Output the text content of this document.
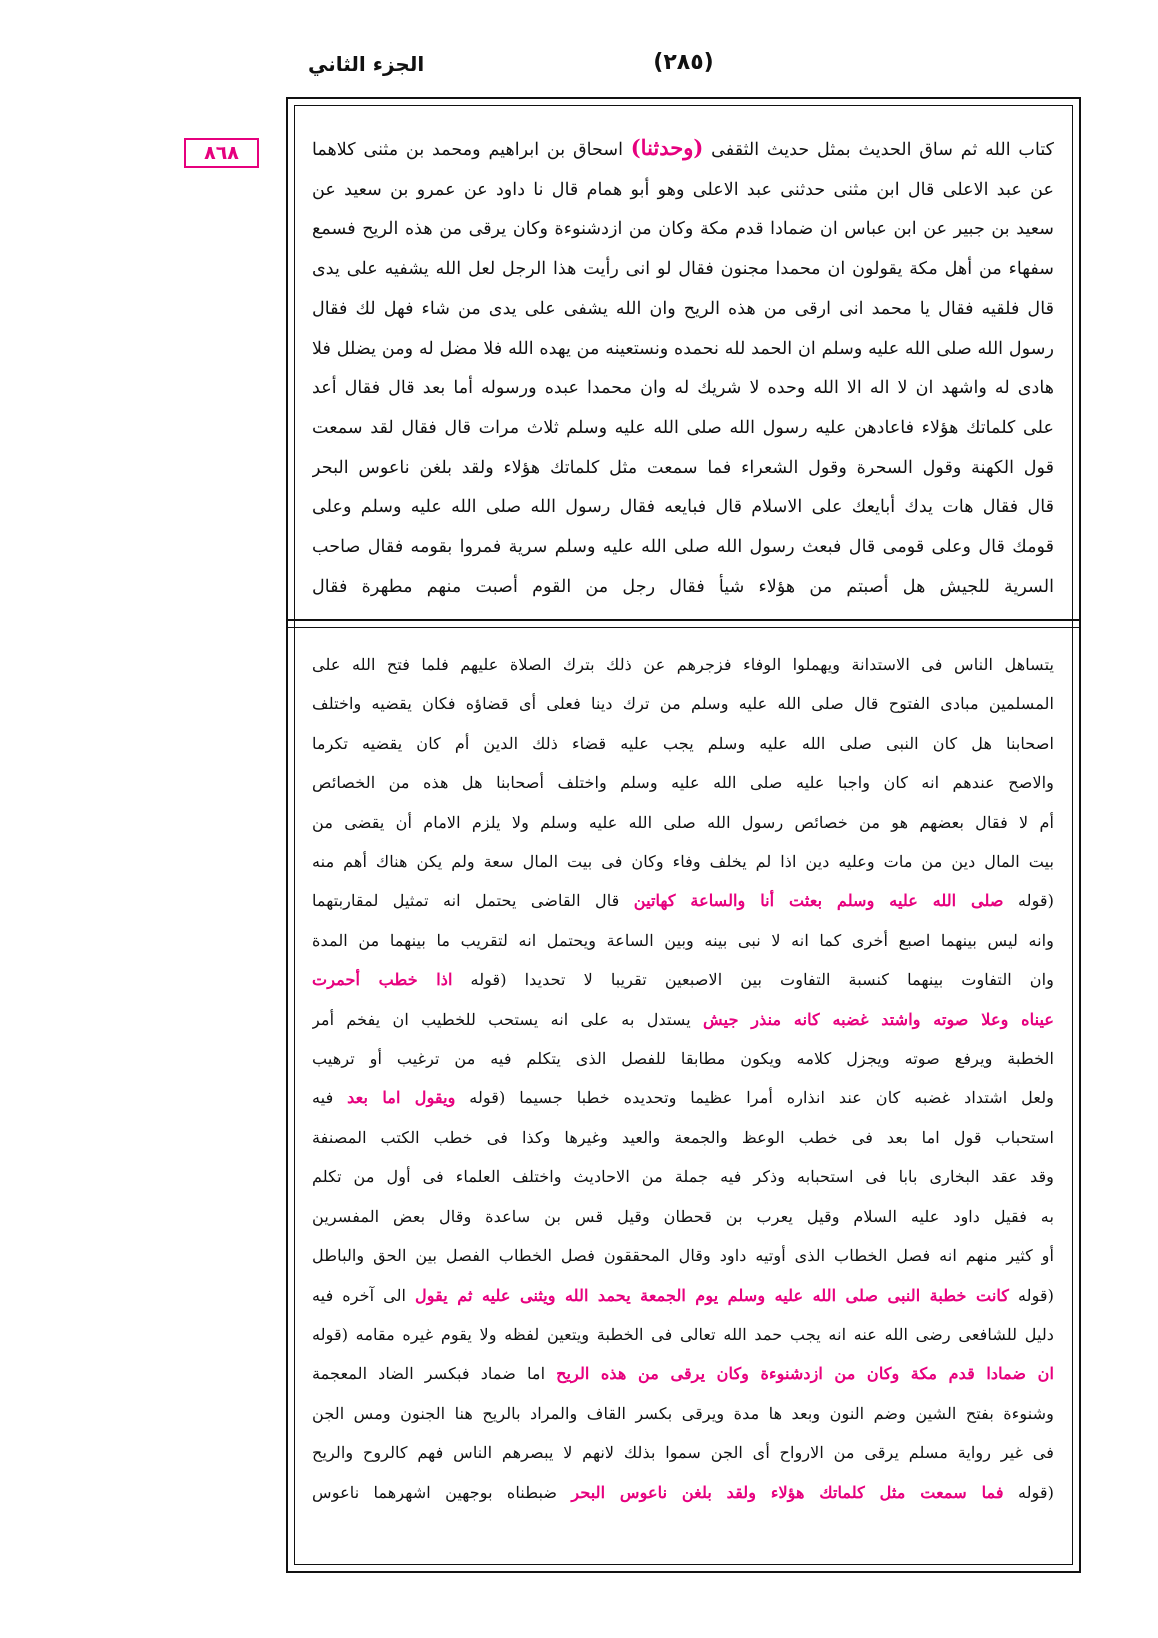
الجزء الثاني	(٢٨٥)
٨٦٨	كتاب الله ثم ساق الحديث بمثل حديث الثقفى (وحدثنا) اسحاق بن ابراهيم ومحمد بن مثنى كلاهما
عن عبد الاعلى قال ابن مثنى حدثنى عبد الاعلى وهو أبو همام قال نا داود عن عمرو بن سعيد عن
سعيد بن جبير عن ابن عباس ان ضمادا قدم مكة وكان من ازدشنوءة وكان يرقى من هذه الريح فسمع
سفهاء من أهل مكة يقولون ان محمدا مجنون فقال لو انى رأيت هذا الرجل لعل الله يشفيه على يدى
قال فلقيه فقال يا محمد انى ارقى من هذه الريح وان الله يشفى على يدى من شاء فهل لك فقال
رسول الله صلى الله عليه وسلم ان الحمد لله نحمده ونستعينه من يهده الله فلا مضل له ومن يضلل فلا
هادى له واشهد ان لا اله الا الله وحده لا شريك له وان محمدا عبده ورسوله أما بعد قال فقال أعد
على كلماتك هؤلاء فاعادهن عليه رسول الله صلى الله عليه وسلم ثلاث مرات قال فقال لقد سمعت
قول الكهنة وقول السحرة وقول الشعراء فما سمعت مثل كلماتك هؤلاء ولقد بلغن ناعوس البحر
قال فقال هات يدك أبايعك على الاسلام قال فبايعه فقال رسول الله صلى الله عليه وسلم وعلى
قومك قال وعلى قومى قال فبعث رسول الله صلى الله عليه وسلم سرية فمروا بقومه فقال صاحب
السرية للجيش هل أصبتم من هؤلاء شيأ فقال رجل من القوم أصبت منهم مطهرة فقال
يتساهل الناس فى الاستدانة ويهملوا الوفاء فزجرهم عن ذلك بترك الصلاة عليهم فلما فتح الله على
المسلمين مبادى الفتوح قال صلى الله عليه وسلم من ترك دينا فعلى أى قضاؤه فكان يقضيه واختلف
اصحابنا هل كان النبى صلى الله عليه وسلم يجب عليه قضاء ذلك الدين أم كان يقضيه تكرما
والاصح عندهم انه كان واجبا عليه صلى الله عليه وسلم واختلف أصحابنا هل هذه من الخصائص
أم لا فقال بعضهم هو من خصائص رسول الله صلى الله عليه وسلم ولا يلزم الامام أن يقضى من
بيت المال دين من مات وعليه دين اذا لم يخلف وفاء وكان فى بيت المال سعة ولم يكن هناك أهم منه
(قوله صلى الله عليه وسلم بعثت أنا والساعة كهاتين قال القاضى يحتمل انه تمثيل لمقاربتهما
وانه ليس بينهما اصبع أخرى كما انه لا نبى بينه وبين الساعة ويحتمل انه لتقريب ما بينهما من المدة
وان التفاوت بينهما كنسبة التفاوت بين الاصبعين تقريبا لا تحديدا (قوله اذا خطب أحمرت
عيناه وعلا صوته واشتد غضبه كانه منذر جيش يستدل به على انه يستحب للخطيب ان يفخم أمر
الخطبة ويرفع صوته ويجزل كلامه ويكون مطابقا للفصل الذى يتكلم فيه من ترغيب أو ترهيب
ولعل اشتداد غضبه كان عند انذاره أمرا عظيما وتحديده خطبا جسيما (قوله ويقول اما بعد فيه
استحباب قول اما بعد فى خطب الوعظ والجمعة والعيد وغيرها وكذا فى خطب الكتب المصنفة
وقد عقد البخارى بابا فى استحبابه وذكر فيه جملة من الاحاديث واختلف العلماء فى أول من تكلم
به فقيل داود عليه السلام وقيل يعرب بن قحطان وقيل قس بن ساعدة وقال بعض المفسرين
أو كثير منهم انه فصل الخطاب الذى أوتيه داود وقال المحققون فصل الخطاب الفصل بين الحق والباطل
(قوله كانت خطبة النبى صلى الله عليه وسلم يوم الجمعة يحمد الله ويثنى عليه ثم يقول الى آخره فيه
دليل للشافعى رضى الله عنه انه يجب حمد الله تعالى فى الخطبة ويتعين لفظه ولا يقوم غيره مقامه (قوله
ان ضمادا قدم مكة وكان من ازدشنوءة وكان يرقى من هذه الريح اما ضماد فبكسر الضاد المعجمة
وشنوءة بفتح الشين وضم النون وبعد ها مدة ويرقى بكسر القاف والمراد بالريح هنا الجنون ومس الجن
فى غير رواية مسلم يرقى من الارواح أى الجن سموا بذلك لانهم لا يبصرهم الناس فهم كالروح والريح
(قوله فما سمعت مثل كلماتك هؤلاء ولقد بلغن ناعوس البحر ضبطناه بوجهين اشهرهما ناعوس
